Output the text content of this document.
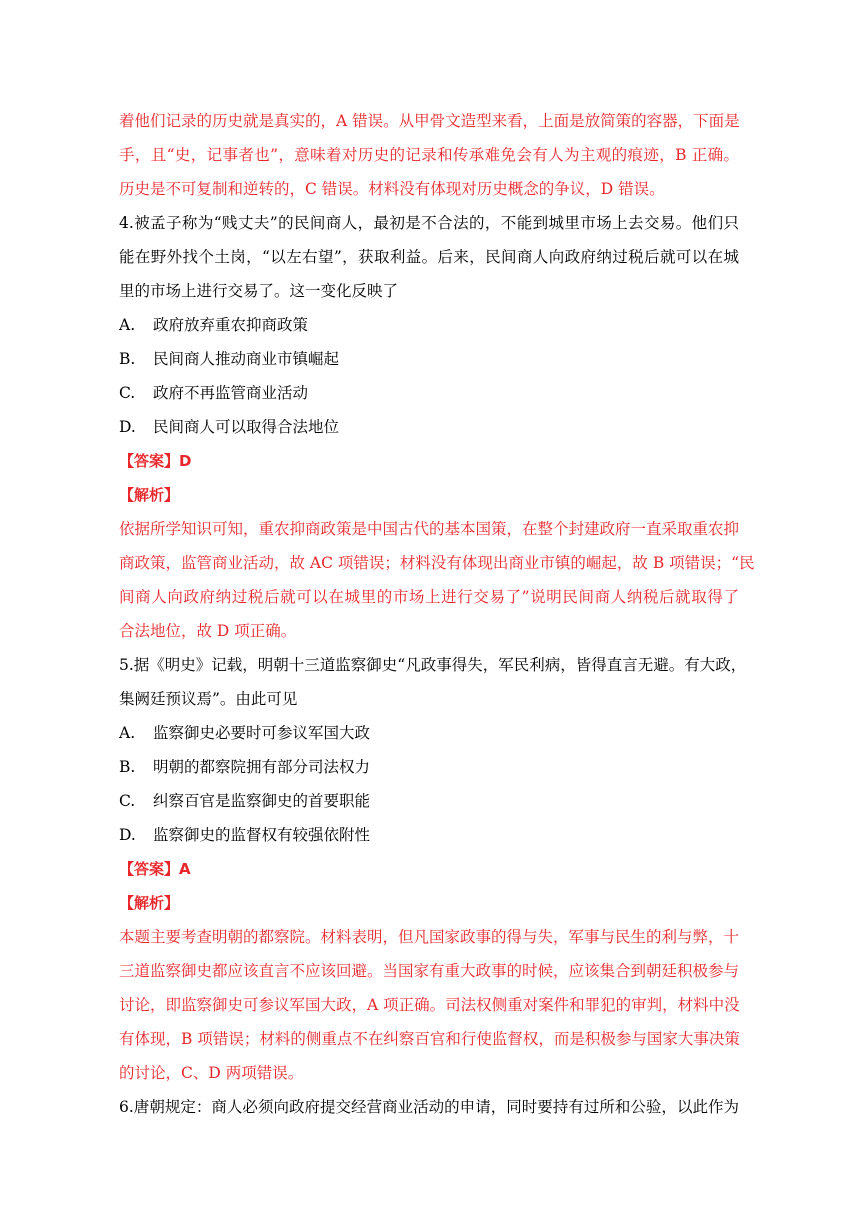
着他们记录的历史就是真实的，A 错误。从甲骨文造型来看，上面是放简策的容器，下面是
手，且“史，记事者也”，意味着对历史的记录和传承难免会有人为主观的痕迹，B 正确。
历史是不可复制和逆转的，C 错误。材料没有体现对历史概念的争议，D 错误。
4.被孟子称为“贱丈夫”的民间商人，最初是不合法的，不能到城里市场上去交易。他们只
能在野外找个土岗，“以左右望”，获取利益。后来，民间商人向政府纳过税后就可以在城
里的市场上进行交易了。这一变化反映了
A. 政府放弃重农抑商政策
B. 民间商人推动商业市镇崛起
C. 政府不再监管商业活动
D. 民间商人可以取得合法地位
【答案】D
【解析】
依据所学知识可知，重农抑商政策是中国古代的基本国策，在整个封建政府一直采取重农抑
商政策，监管商业活动，故 AC 项错误；材料没有体现出商业市镇的崛起，故 B 项错误；“民
间商人向政府纳过税后就可以在城里的市场上进行交易了”说明民间商人纳税后就取得了
合法地位，故 D 项正确。
5.据《明史》记载，明朝十三道监察御史“凡政事得失，军民利病，皆得直言无避。有大政，
集阙廷预议焉”。由此可见
A. 监察御史必要时可参议军国大政
B. 明朝的都察院拥有部分司法权力
C. 纠察百官是监察御史的首要职能
D. 监察御史的监督权有较强依附性
【答案】A
【解析】
本题主要考查明朝的都察院。材料表明，但凡国家政事的得与失，军事与民生的利与弊，十
三道监察御史都应该直言不应该回避。当国家有重大政事的时候，应该集合到朝廷积极参与
讨论，即监察御史可参议军国大政，A 项正确。司法权侧重对案件和罪犯的审判，材料中没
有体现，B 项错误；材料的侧重点不在纠察百官和行使监督权，而是积极参与国家大事决策
的讨论，C、D 两项错误。
6.唐朝规定：商人必须向政府提交经营商业活动的申请，同时要持有过所和公验，以此作为
